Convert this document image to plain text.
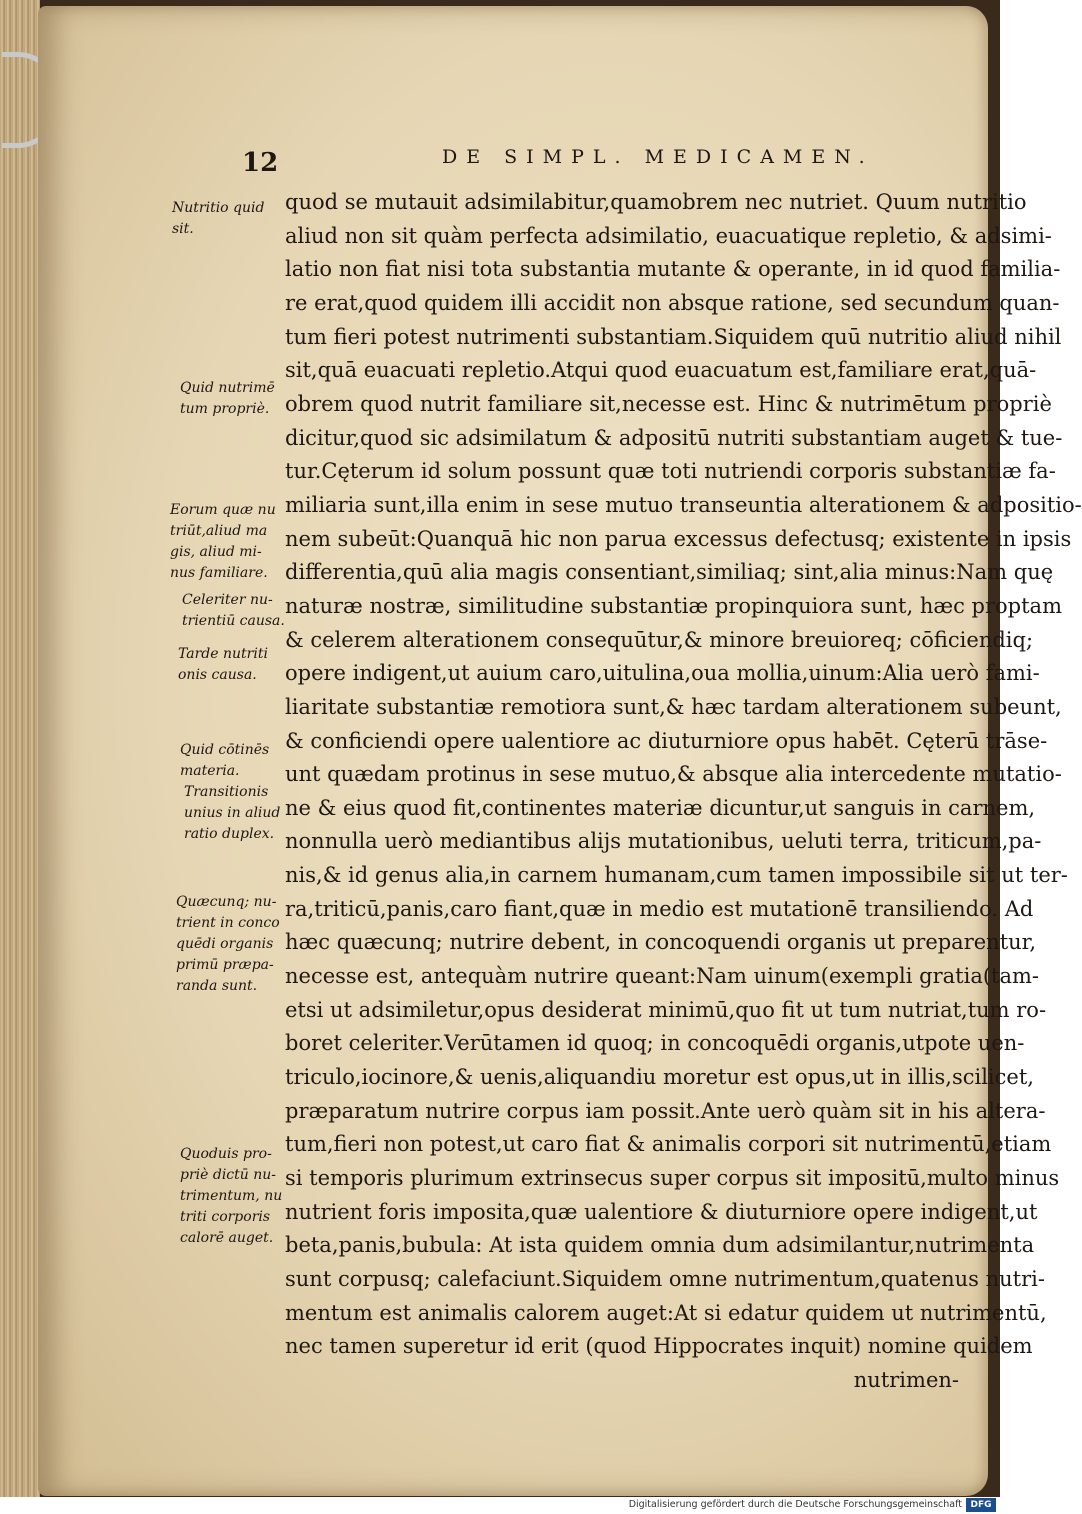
12	DE SIMPL. MEDICAMEN.
Nutritio quid
sit.
Quid nutrimē
tum propriè.
Eorum quæ nu
triūt,aliud ma
gis, aliud mi-
nus familiare.
Celeriter nu-
trientiū causa.
Tarde nutriti
onis causa.
Quid cōtinēs
materia.
Transitionis
unius in aliud
ratio duplex.
Quæcunq; nu-
trient in conco
quēdi organis
primū præpa-
randa sunt.
Quoduis pro-
priè dictū nu-
trimentum, nu
triti corporis
calorē auget.
quod se mutauit adsimilabitur,quamobrem nec nutriet. Quum nutritio
aliud non sit quàm perfecta adsimilatio, euacuatique repletio, & adsimi-
latio non fiat nisi tota substantia mutante & operante, in id quod familia-
re erat,quod quidem illi accidit non absque ratione, sed secundum quan-
tum fieri potest nutrimenti substantiam.Siquidem quū nutritio aliud nihil
sit,quā euacuati repletio.Atqui quod euacuatum est,familiare erat,quā-
obrem quod nutrit familiare sit,necesse est. Hinc & nutrimētum propriè
dicitur,quod sic adsimilatum & adpositū nutriti substantiam auget & tue-
tur.Cęterum id solum possunt quæ toti nutriendi corporis substantiæ fa-
miliaria sunt,illa enim in sese mutuo transeuntia alterationem & adpositio-
nem subeūt:Quanquā hic non parua excessus defectusq; existente in ipsis
differentia,quū alia magis consentiant,similiaq; sint,alia minus:Nam quę
naturæ nostræ, similitudine substantiæ propinquiora sunt, hæc proptam
& celerem alterationem consequūtur,& minore breuioreq; cōficiendiq;
opere indigent,ut auium caro,uitulina,oua mollia,uinum:Alia uerò fami-
liaritate substantiæ remotiora sunt,& hæc tardam alterationem subeunt,
& conficiendi opere ualentiore ac diuturniore opus habēt. Cęterū trāse-
unt quædam protinus in sese mutuo,& absque alia intercedente mutatio-
ne & eius quod fit,continentes materiæ dicuntur,ut sanguis in carnem,
nonnulla uerò mediantibus alijs mutationibus, ueluti terra, triticum,pa-
nis,& id genus alia,in carnem humanam,cum tamen impossibile sit ut ter-
ra,triticū,panis,caro fiant,quæ in medio est mutationē transiliendo. Ad
hæc quæcunq; nutrire debent, in concoquendi organis ut preparentur,
necesse est, antequàm nutrire queant:Nam uinum(exempli gratia(tam-
etsi ut adsimiletur,opus desiderat minimū,quo fit ut tum nutriat,tum ro-
boret celeriter.Verūtamen id quoq; in concoquēdi organis,utpote uen-
triculo,iocinore,& uenis,aliquandiu moretur est opus,ut in illis,scilicet,
præparatum nutrire corpus iam possit.Ante uerò quàm sit in his altera-
tum,fieri non potest,ut caro fiat & animalis corpori sit nutrimentū,etiam
si temporis plurimum extrinsecus super corpus sit impositū,multo minus
nutrient foris imposita,quæ ualentiore & diuturniore opere indigent,ut
beta,panis,bubula: At ista quidem omnia dum adsimilantur,nutrimenta
sunt corpusq; calefaciunt.Siquidem omne nutrimentum,quatenus nutri-
mentum est animalis calorem auget:At si edatur quidem ut nutrimentū,
nec tamen superetur id erit (quod Hippocrates inquit) nomine quidem
nutrimen-
Digitalisierung gefördert durch die Deutsche Forschungsgemeinschaft DFG
